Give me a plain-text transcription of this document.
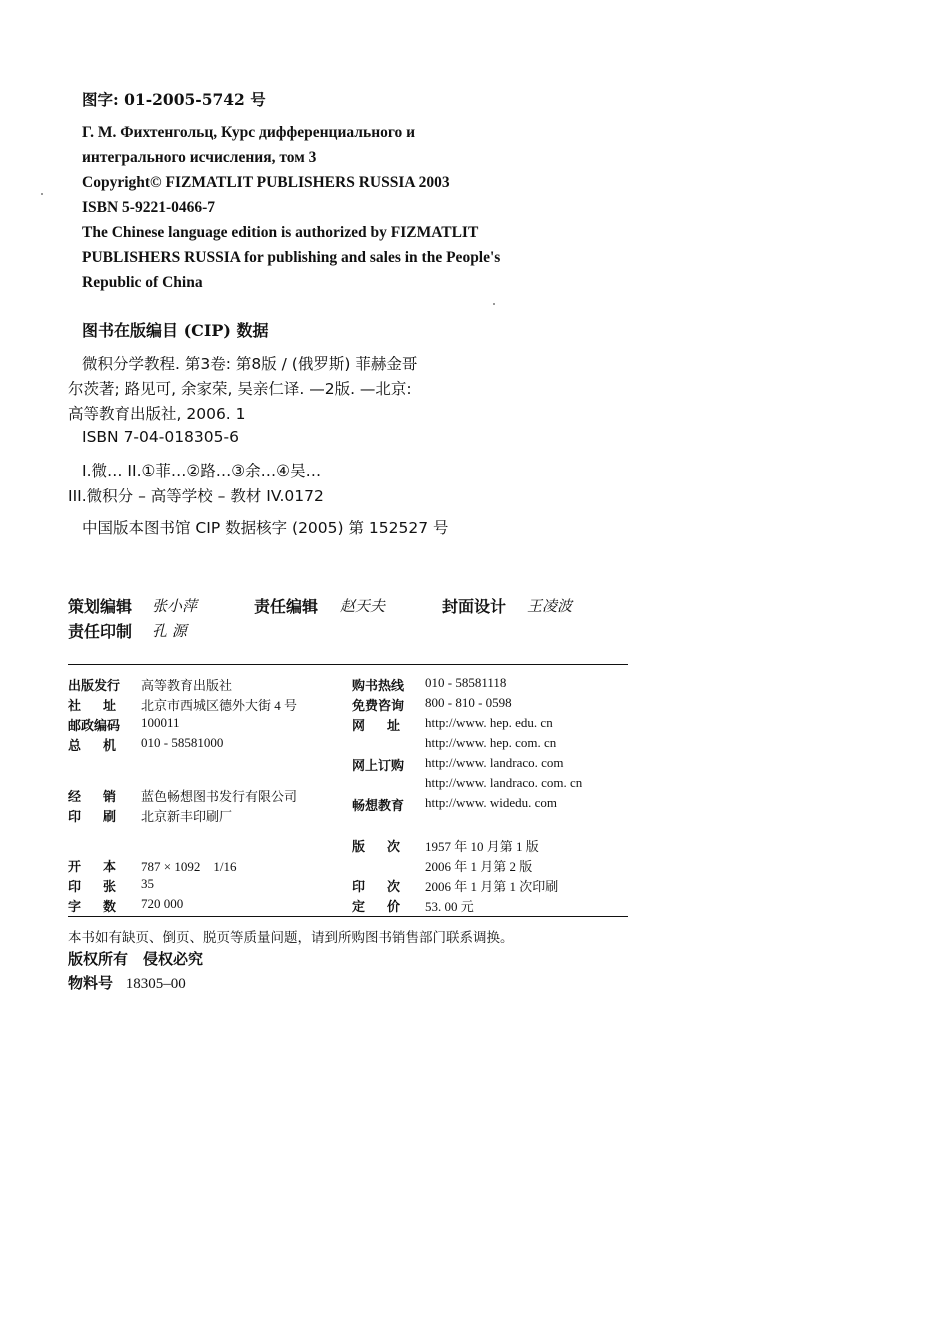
图字: 01-2005-5742 号
Г. М. Фихтенгольц, Курс дифференциального и
интегрального исчисления, том 3
Copyright© FIZMATLIT PUBLISHERS RUSSIA 2003
ISBN 5-9221-0466-7
The Chinese language edition is authorized by FIZMATLIT
PUBLISHERS RUSSIA for publishing and sales in the People's
Republic of China
图书在版编目 (CIP) 数据
微积分学教程. 第3卷: 第8版 / (俄罗斯) 菲赫金哥
尔茨著; 路见可, 余家荣, 吴亲仁译. —2版. —北京:
高等教育出版社, 2006. 1
ISBN 7-04-018305-6
I.微… II.①菲…②路…③余…④吴…
III.微积分 – 高等学校 – 教材 IV.0172
中国版本图书馆 CIP 数据核字 (2005) 第 152527 号
策划编辑 张小萍	责任编辑 赵天夫	封面设计 王凌波
责任印制 孔 源
出版发行 高等教育出版社
社址 北京市西城区德外大街 4 号
邮政编码 100011
总机 010 - 58581000
经销 蓝色畅想图书发行有限公司
印刷 北京新丰印刷厂
开本 787 × 1092　1/16
印张 35
字数 720 000
购书热线 010 - 58581118
免费咨询 800 - 810 - 0598
网址 http://www. hep. edu. cn
http://www. hep. com. cn
网上订购 http://www. landraco. com
http://www. landraco. com. cn
畅想教育 http://www. widedu. com
版次 1957 年 10 月第 1 版
2006 年 1 月第 2 版
印次 2006 年 1 月第 1 次印刷
定价 53. 00 元
本书如有缺页、倒页、脱页等质量问题，请到所购图书销售部门联系调换。
版权所有　侵权必究
物料号 18305–00
